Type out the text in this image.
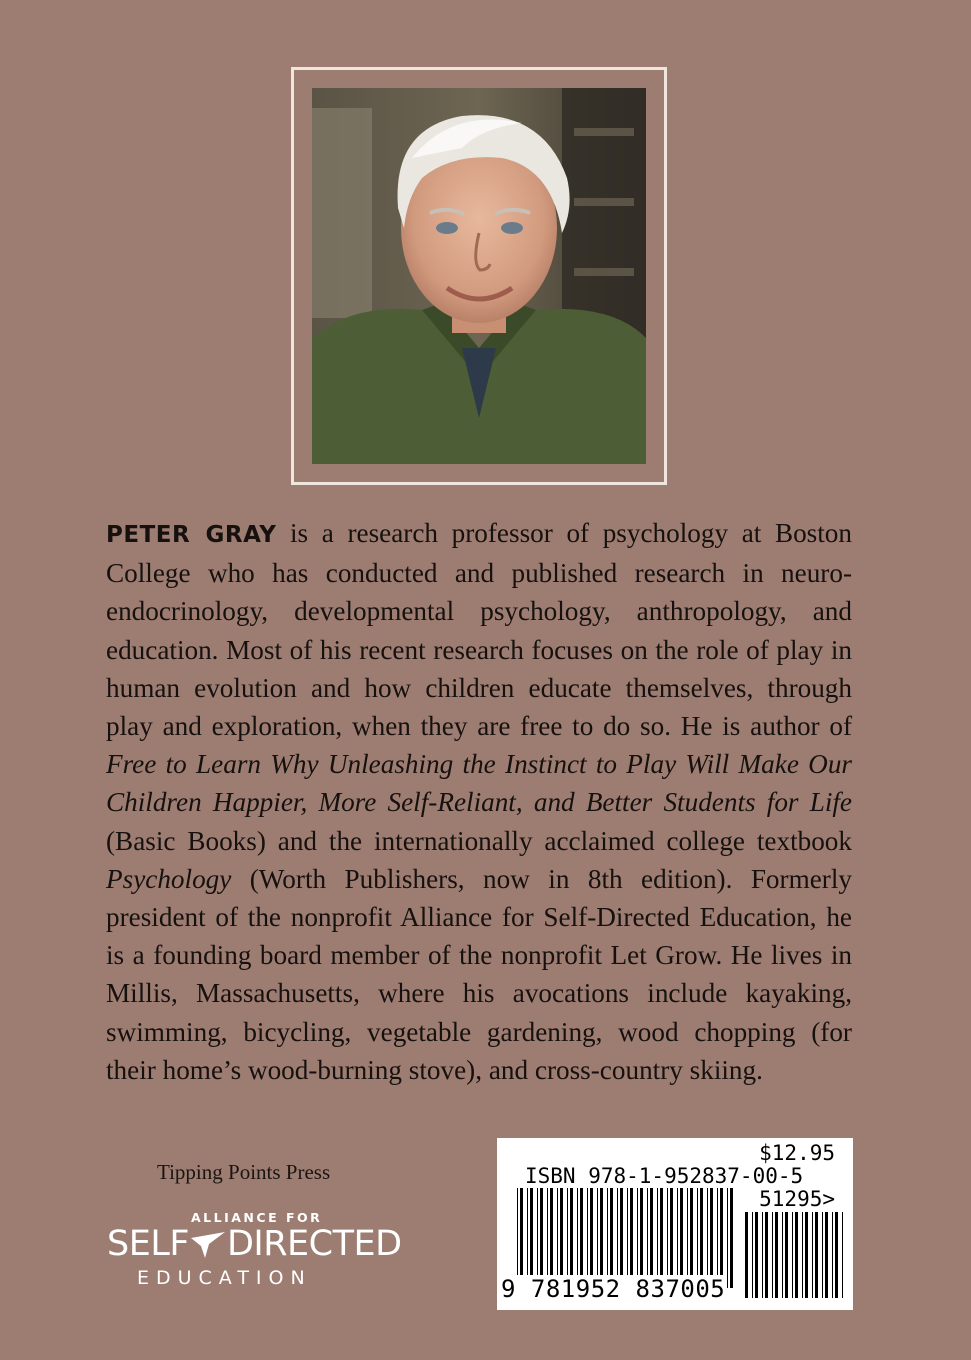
PETER GRAY is a research professor of psychology at Boston College who has conducted and published research in neuro-endocrinology, developmental psychology, anthropology, and education. Most of his recent research focuses on the role of play in human evolution and how children educate themselves, through play and exploration, when they are free to do so. He is author of Free to Learn Why Unleashing the Instinct to Play Will Make Our Children Happier, More Self-Reliant, and Better Students for Life (Basic Books) and the internationally acclaimed college textbook Psychology (Worth Publishers, now in 8th edition). Formerly president of the nonprofit Alliance for Self-Directed Education, he is a founding board member of the nonprofit Let Grow. He lives in Millis, Massachusetts, where his avocations include kayaking, swimming, bicycling, vegetable gardening, wood chopping (for their home’s wood-burning stove), and cross-country skiing.

Tipping Points Press
ALLIANCE FOR
SELF DIRECTED
EDUCATION
$12.95
ISBN 978-1-952837-00-5
51295>
9 781952 837005
